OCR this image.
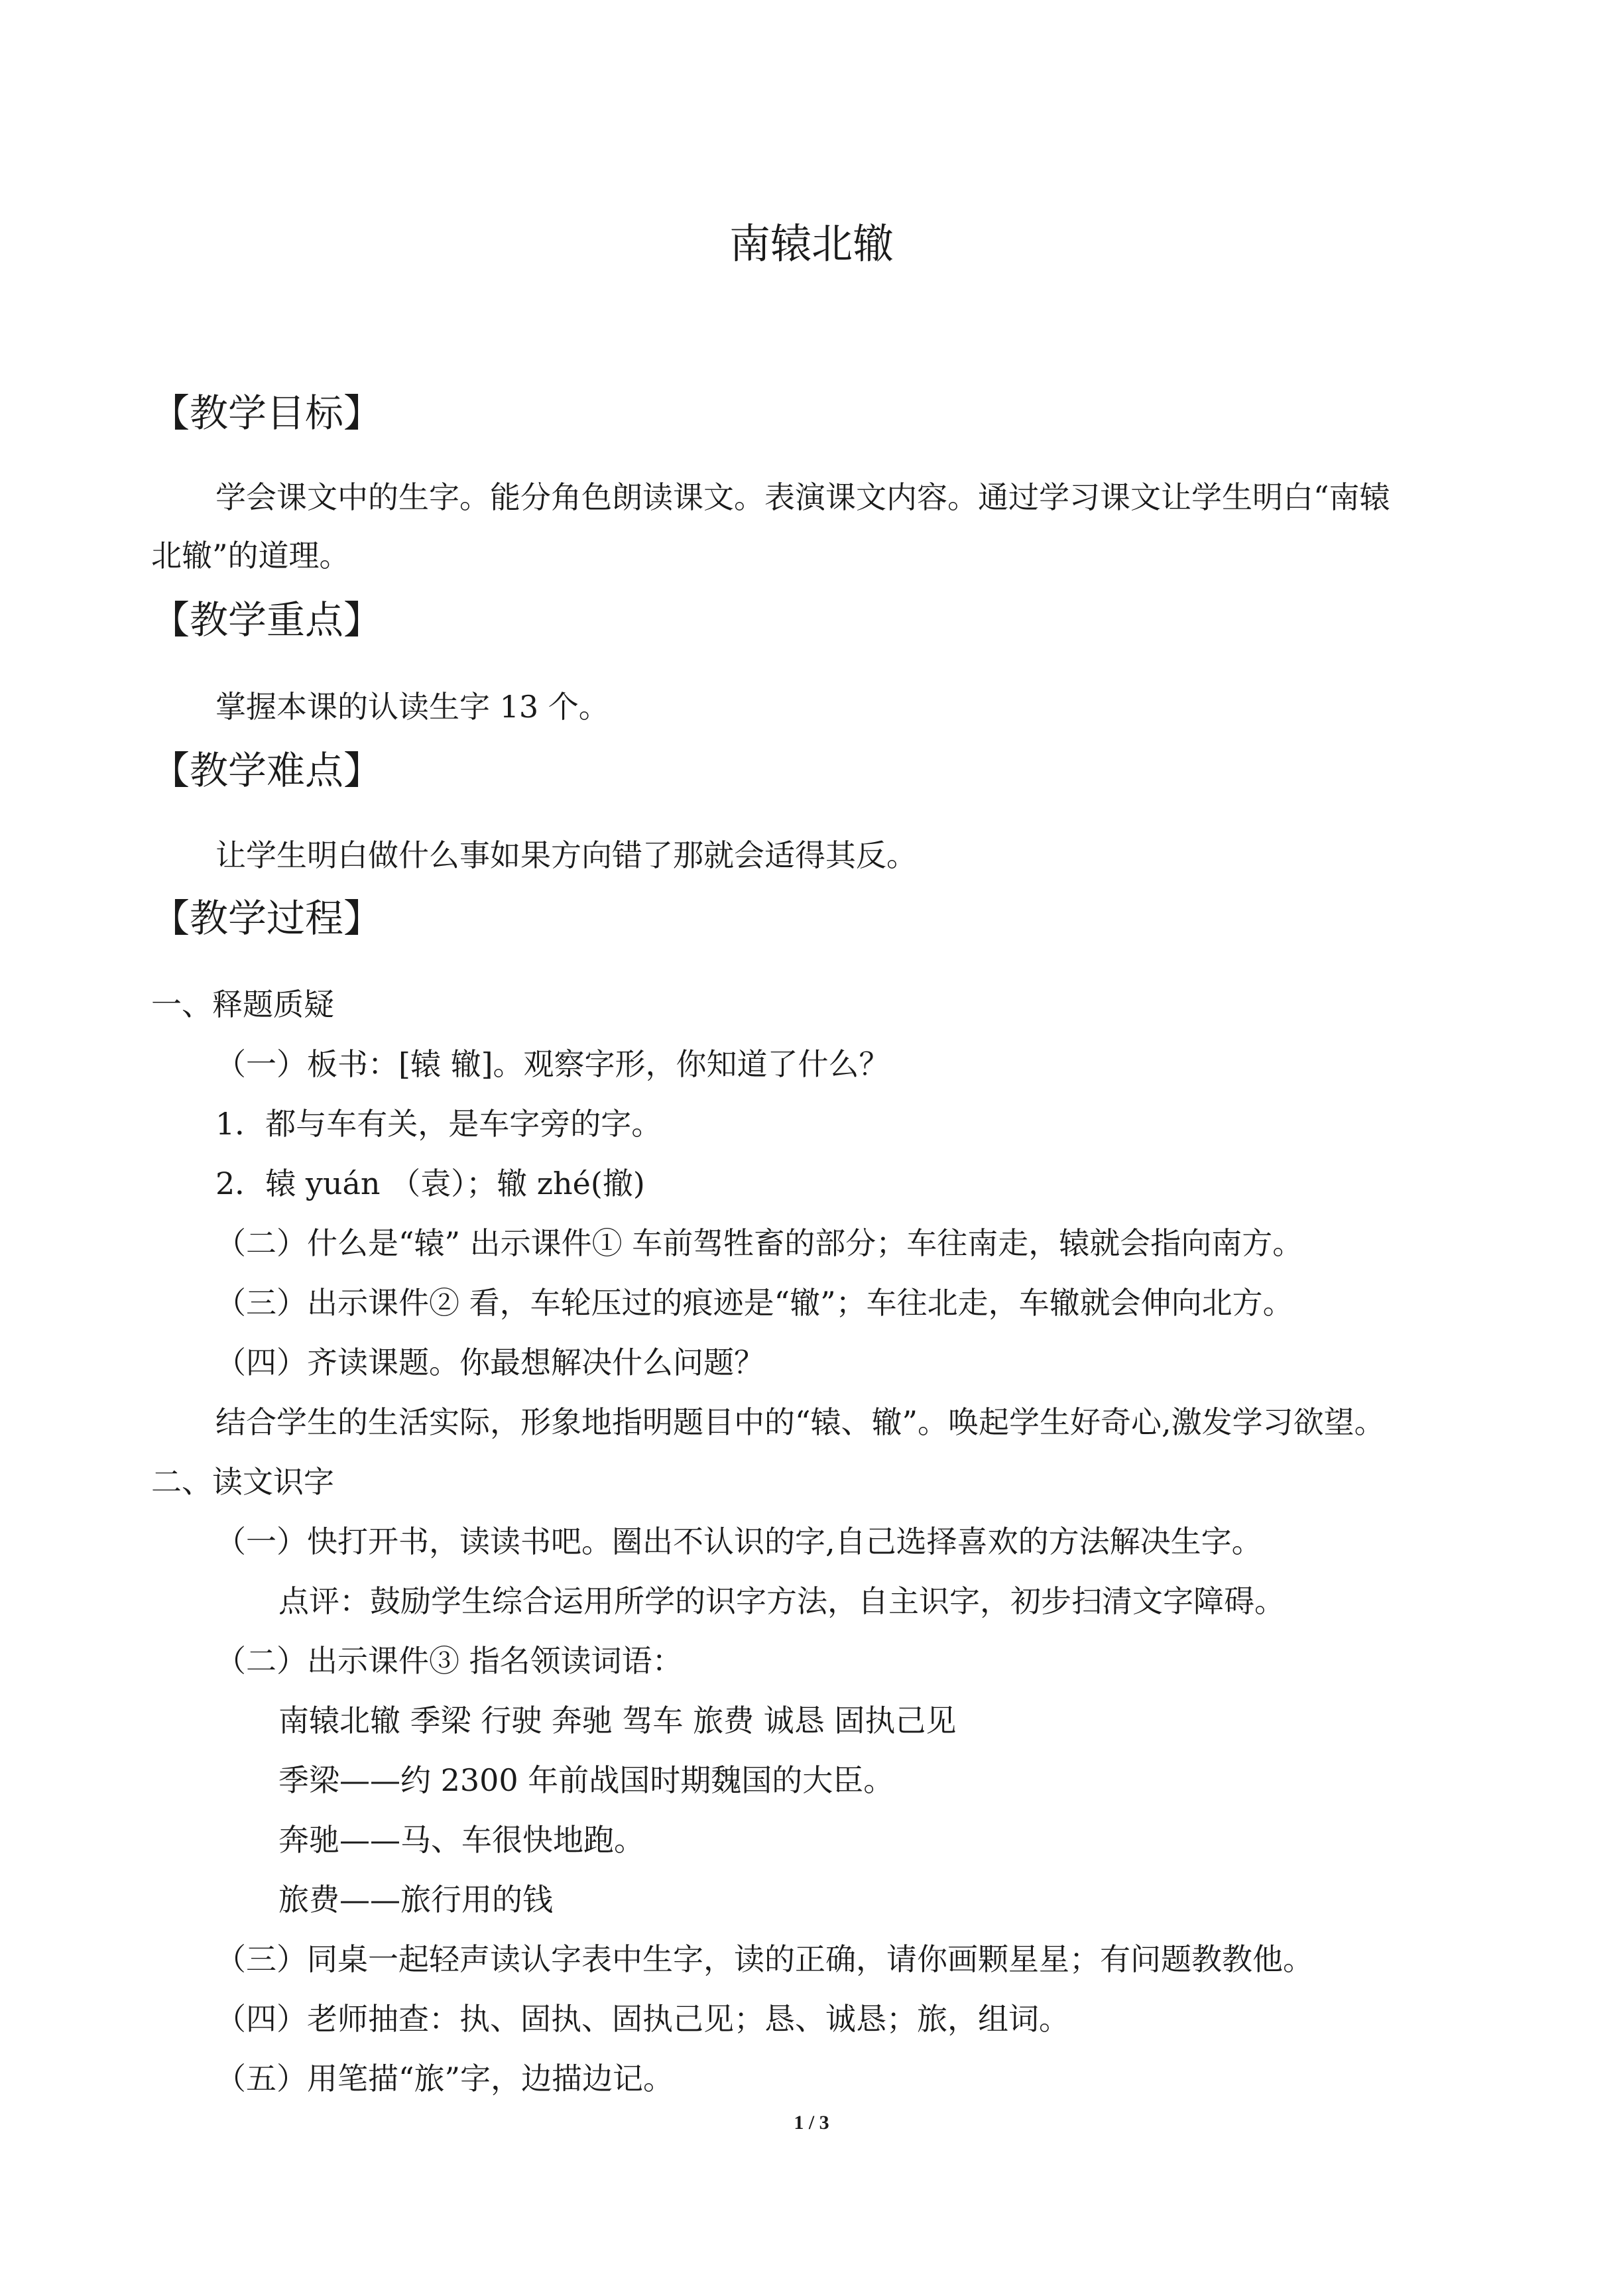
南辕北辙
【教学目标】
学会课文中的生字。能分角色朗读课文。表演课文内容。通过学习课文让学生明白“南辕
北辙”的道理。
【教学重点】
掌握本课的认读生字 13 个。
【教学难点】
让学生明白做什么事如果方向错了那就会适得其反。
【教学过程】
一、释题质疑
（一）板书：[辕 辙]。观察字形，你知道了什么？
1．都与车有关，是车字旁的字。
2．辕 yuán （袁）；辙 zhé(撤)
（二）什么是“辕” 出示课件① 车前驾牲畜的部分；车往南走，辕就会指向南方。
（三）出示课件② 看，车轮压过的痕迹是“辙”；车往北走，车辙就会伸向北方。
（四）齐读课题。你最想解决什么问题？
结合学生的生活实际，形象地指明题目中的“辕、辙”。唤起学生好奇心,激发学习欲望。
二、读文识字
（一）快打开书，读读书吧。圈出不认识的字,自己选择喜欢的方法解决生字。
点评：鼓励学生综合运用所学的识字方法，自主识字，初步扫清文字障碍。
（二）出示课件③ 指名领读词语：
南辕北辙 季梁 行驶 奔驰 驾车 旅费 诚恳 固执己见
季梁——约 2300 年前战国时期魏国的大臣。
奔驰——马、车很快地跑。
旅费——旅行用的钱
（三）同桌一起轻声读认字表中生字，读的正确，请你画颗星星；有问题教教他。
（四）老师抽查：执、固执、固执己见；恳、诚恳；旅，组词。
（五）用笔描“旅”字，边描边记。
1 / 3
